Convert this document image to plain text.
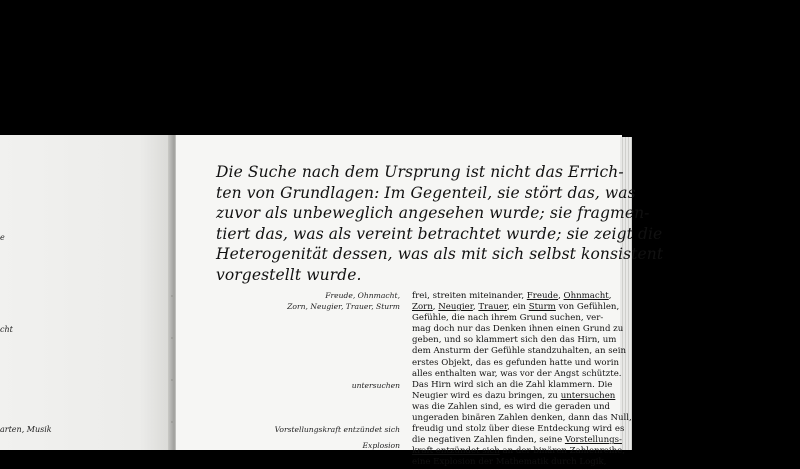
e
cht
arten, Musik

Die Suche nach dem Ursprung ist nicht das Errich-
ten von Grundlagen: Im Gegenteil, sie stört das, was
zuvor als unbeweglich angesehen wurde; sie fragmen-
tiert das, was als vereint betrachtet wurde; sie zeigt die
Heterogenität dessen, was als mit sich selbst konsistent
vorgestellt wurde.

Freude, Ohnmacht,
Zorn, Neugier, Trauer, Sturm
untersuchen
Vorstellungskraft entzündet sich
Explosion
frei, streiten miteinander, Freude, Ohnmacht,
Zorn, Neugier, Trauer, ein Sturm von Gefühlen,
Gefühle, die nach ihrem Grund suchen, ver-
mag doch nur das Denken ihnen einen Grund zu
geben, und so klammert sich den das Hirn, um
dem Ansturm der Gefühle standzuhalten, an sein
erstes Objekt, das es gefunden hatte und worin
alles enthalten war, was vor der Angst schützte.
Das Hirn wird sich an die Zahl klammern. Die
Neugier wird es dazu bringen, zu untersuchen
was die Zahlen sind, es wird die geraden und
ungeraden binären Zahlen denken, dann das Null,
freudig und stolz über diese Entdeckung wird es
die negativen Zahlen finden, seine Vorstellungs-
kraft entzündet sich an der binären Zahlenreihe,
eine Explosion der Mathematik durch Logik,
